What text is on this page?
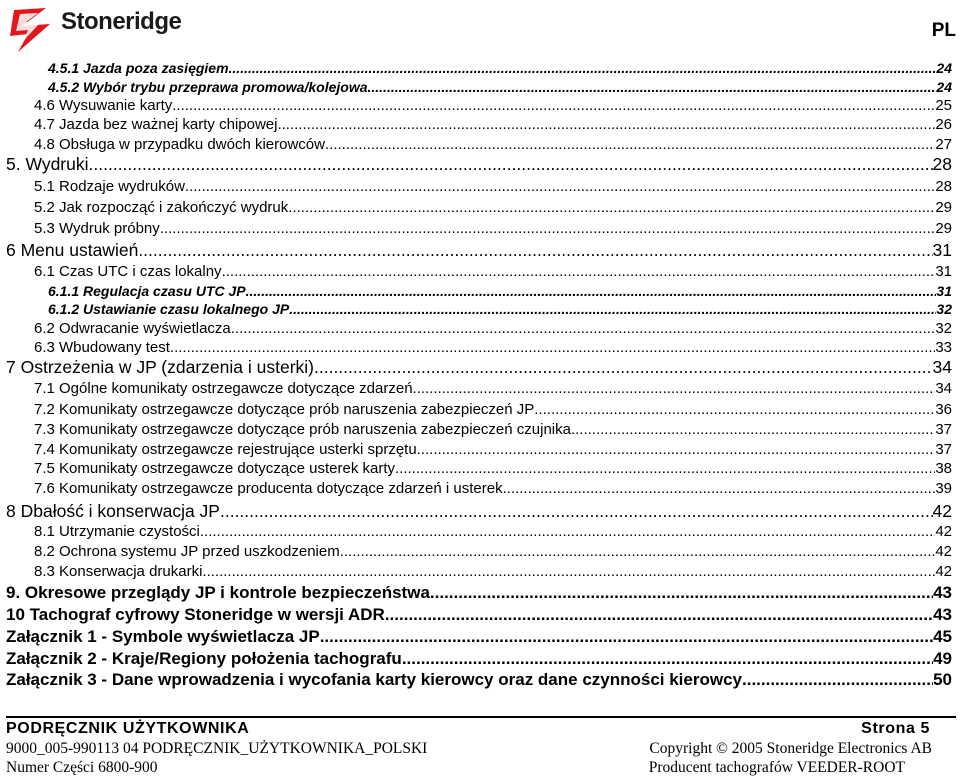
Stoneridge	PL
4.5.1 Jazda poza zasięgiem .....	24
4.5.2 Wybór trybu przeprawa promowa/kolejowa .....	24
4.6 Wysuwanie karty .....	25
4.7 Jazda bez ważnej karty chipowej. .....	26
4.8 Obsługa w przypadku dwóch kierowców .....	27
5. Wydruki .....	28
5.1 Rodzaje wydruków .....	28
5.2 Jak rozpocząć i zakończyć wydruk .....	29
5.3 Wydruk próbny .....	29
6 Menu ustawień .....	31
6.1 Czas UTC i czas lokalny .....	31
6.1.1 Regulacja czasu UTC JP .....	31
6.1.2 Ustawianie czasu lokalnego JP .....	32
6.2 Odwracanie wyświetlacza .....	32
6.3 Wbudowany test. .....	33
7 Ostrzeżenia w JP (zdarzenia i usterki) .....	34
7.1 Ogólne komunikaty ostrzegawcze dotyczące zdarzeń .....	34
7.2 Komunikaty ostrzegawcze dotyczące prób naruszenia zabezpieczeń JP .....	36
7.3 Komunikaty ostrzegawcze dotyczące prób naruszenia zabezpieczeń czujnika .....	37
7.4 Komunikaty ostrzegawcze rejestrujące usterki sprzętu .....	37
7.5 Komunikaty ostrzegawcze dotyczące usterek karty .....	38
7.6 Komunikaty ostrzegawcze producenta dotyczące zdarzeń i usterek .....	39
8 Dbałość i konserwacja JP .....	42
8.1 Utrzymanie czystości .....	42
8.2 Ochrona systemu JP przed uszkodzeniem .....	42
8.3 Konserwacja drukarki .....	42
9. Okresowe przeglądy JP i kontrole bezpieczeństwa .....	43
10 Tachograf cyfrowy Stoneridge w wersji ADR .....	43
Załącznik 1 - Symbole wyświetlacza JP .....	45
Załącznik 2 - Kraje/Regiony położenia tachografu .....	49
Załącznik 3 - Dane wprowadzenia i wycofania karty kierowcy oraz dane czynności kierowcy .....	50
PODRĘCZNIK UŻYTKOWNIKA	Strona 5
9000_005-990113 04 PODRĘCZNIK_UŻYTKOWNIKA_POLSKI	Copyright © 2005 Stoneridge Electronics AB
Numer Części 6800-900	Producent tachografów VEEDER-ROOT
